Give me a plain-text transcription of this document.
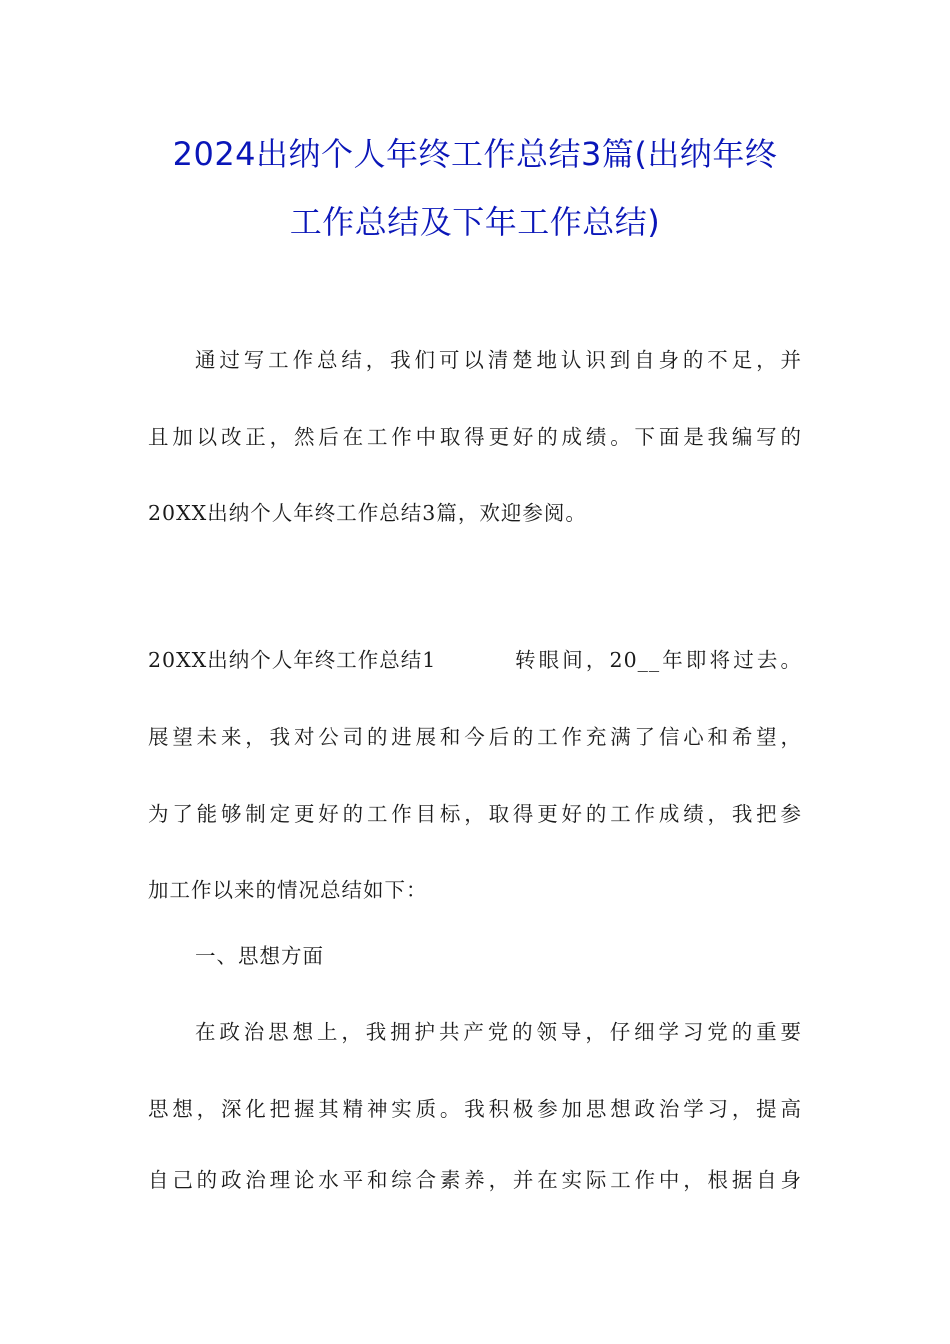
2024出纳个人年终工作总结3篇(出纳年终
工作总结及下年工作总结)
通过写工作总结，我们可以清楚地认识到自身的不足，并
且加以改正，然后在工作中取得更好的成绩。下面是我编写的
20XX出纳个人年终工作总结3篇，欢迎参阅。
20XX出纳个人年终工作总结1	转眼间，20__年即将过去。
展望未来，我对公司的进展和今后的工作充满了信心和希望，
为了能够制定更好的工作目标，取得更好的工作成绩，我把参
加工作以来的情况总结如下：
一、思想方面
在政治思想上，我拥护共产党的领导，仔细学习党的重要
思想，深化把握其精神实质。我积极参加思想政治学习，提高
自己的政治理论水平和综合素养，并在实际工作中，根据自身
